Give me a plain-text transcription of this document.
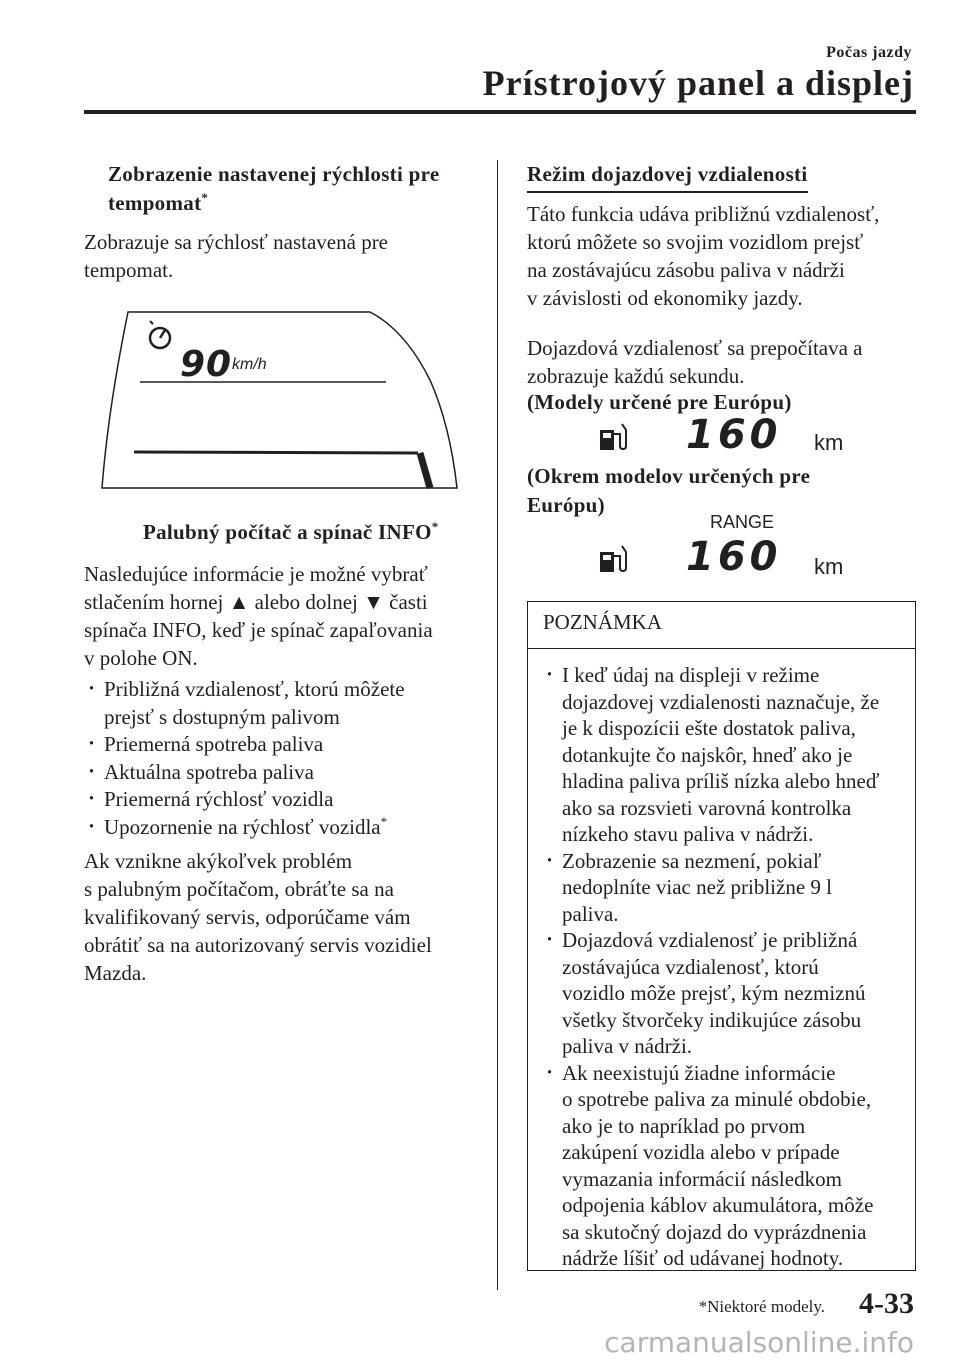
Počas jazdy
Prístrojový panel a displej
Zobrazenie nastavenej rýchlosti pre
tempomat*
Zobrazuje sa rýchlosť nastavená pre
tempomat.
90 km/h
Palubný počítač a spínač INFO*
Nasledujúce informácie je možné vybrať
stlačením hornej ▲ alebo dolnej ▼ časti
spínača INFO, keď je spínač zapaľovania
v polohe ON.
· Približná vzdialenosť, ktorú môžete
prejsť s dostupným palivom
· Priemerná spotreba paliva
· Aktuálna spotreba paliva
· Priemerná rýchlosť vozidla
· Upozornenie na rýchlosť vozidla*
Ak vznikne akýkoľvek problém
s palubným počítačom, obráťte sa na
kvalifikovaný servis, odporúčame vám
obrátiť sa na autorizovaný servis vozidiel
Mazda.
Režim dojazdovej vzdialenosti
Táto funkcia udáva približnú vzdialenosť,
ktorú môžete so svojim vozidlom prejsť
na zostávajúcu zásobu paliva v nádrži
v závislosti od ekonomiky jazdy.
Dojazdová vzdialenosť sa prepočítava a
zobrazuje každú sekundu.
(Modely určené pre Európu)
160 km
(Okrem modelov určených pre
Európu)
RANGE
160 km
POZNÁMKA
· I keď údaj na displeji v režime
dojazdovej vzdialenosti naznačuje, že
je k dispozícii ešte dostatok paliva,
dotankujte čo najskôr, hneď ako je
hladina paliva príliš nízka alebo hneď
ako sa rozsvieti varovná kontrolka
nízkeho stavu paliva v nádrži.
· Zobrazenie sa nezmení, pokiaľ
nedoplníte viac než približne 9 l
paliva.
· Dojazdová vzdialenosť je približná
zostávajúca vzdialenosť, ktorú
vozidlo môže prejsť, kým nezmiznú
všetky štvorčeky indikujúce zásobu
paliva v nádrži.
· Ak neexistujú žiadne informácie
o spotrebe paliva za minulé obdobie,
ako je to napríklad po prvom
zakúpení vozidla alebo v prípade
vymazania informácií následkom
odpojenia káblov akumulátora, môže
sa skutočný dojazd do vyprázdnenia
nádrže líšiť od udávanej hodnoty.
*Niektoré modely. 4-33
carmanualsonline.info
